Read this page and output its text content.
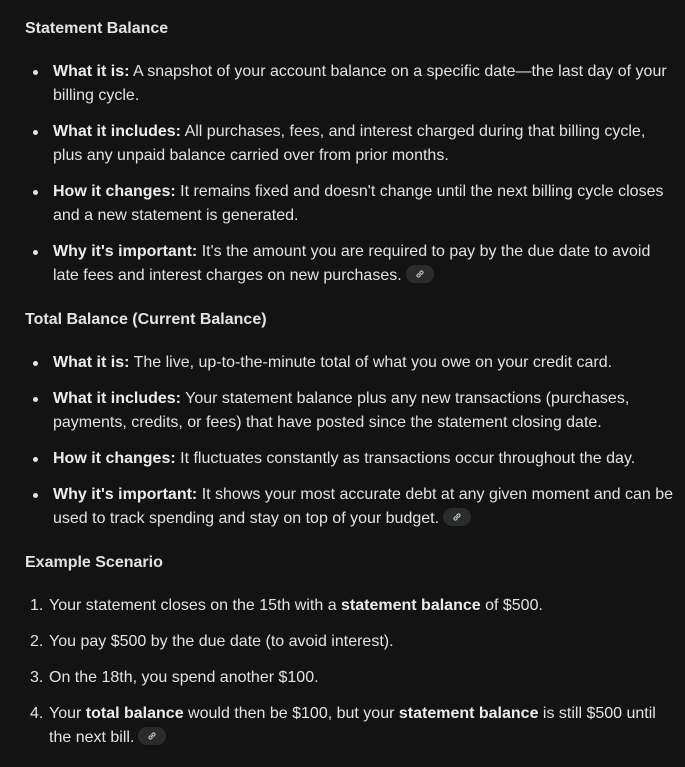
Statement Balance
What it is: A snapshot of your account balance on a specific date—the last day of your billing cycle.
What it includes: All purchases, fees, and interest charged during that billing cycle, plus any unpaid balance carried over from prior months.
How it changes: It remains fixed and doesn't change until the next billing cycle closes and a new statement is generated.
Why it's important: It's the amount you are required to pay by the due date to avoid late fees and interest charges on new purchases.
Total Balance (Current Balance)
What it is: The live, up-to-the-minute total of what you owe on your credit card.
What it includes: Your statement balance plus any new transactions (purchases, payments, credits, or fees) that have posted since the statement closing date.
How it changes: It fluctuates constantly as transactions occur throughout the day.
Why it's important: It shows your most accurate debt at any given moment and can be used to track spending and stay on top of your budget.
Example Scenario
1. Your statement closes on the 15th with a statement balance of $500.
2. You pay $500 by the due date (to avoid interest).
3. On the 18th, you spend another $100.
4. Your total balance would then be $100, but your statement balance is still $500 until the next bill.
